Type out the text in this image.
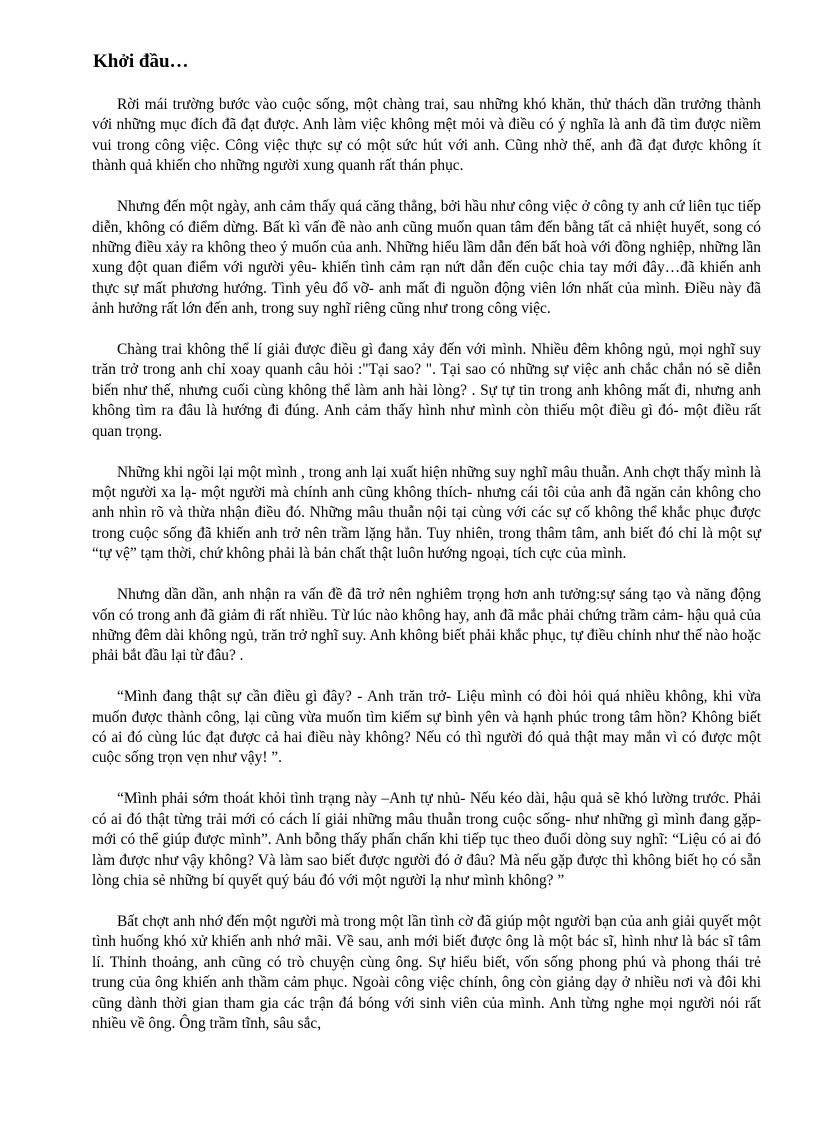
Khởi đầu…

Rời mái trường bước vào cuộc sống, một chàng trai, sau những khó khăn, thử thách dần trưởng thành với những mục đích đã đạt được. Anh làm việc không mệt mỏi và điều có ý nghĩa là anh đã tìm được niềm vui trong công việc. Công việc thực sự có một sức hút với anh. Cũng nhờ thế, anh đã đạt được không ít thành quả khiến cho những người xung quanh rất thán phục.

Nhưng đến một ngày, anh cảm thấy quá căng thẳng, bởi hầu như công việc ở công ty anh cứ liên tục tiếp diễn, không có điểm dừng. Bất kì vấn đề nào anh cũng muốn quan tâm đến bằng tất cả nhiệt huyết, song có những điều xảy ra không theo ý muốn của anh. Những hiểu lầm dẫn đến bất hoà với đồng nghiệp, những lần xung đột quan điểm với người yêu- khiến tình cảm rạn nứt dẫn đến cuộc chia tay mới đây…đã khiến anh thực sự mất phương hướng. Tình yêu đổ vỡ- anh mất đi nguồn động viên lớn nhất của mình. Điều này đã ảnh hưởng rất lớn đến anh, trong suy nghĩ riêng cũng như trong công việc.

Chàng trai không thể lí giải được điều gì đang xảy đến với mình. Nhiều đêm không ngủ, mọi nghĩ suy trăn trở trong anh chỉ xoay quanh câu hỏi :"Tại sao? ". Tại sao có những sự việc anh chắc chắn nó sẽ diễn biến như thế, nhưng cuối cùng không thể làm anh hài lòng? . Sự tự tin trong anh không mất đi, nhưng anh không tìm ra đâu là hướng đi đúng. Anh cảm thấy hình như mình còn thiếu một điều gì đó- một điều rất quan trọng.

Những khi ngồi lại một mình , trong anh lại xuất hiện những suy nghĩ mâu thuẫn. Anh chợt thấy mình là một người xa lạ- một người mà chính anh cũng không thích- nhưng cái tôi của anh đã ngăn cản không cho anh nhìn rõ và thừa nhận điều đó. Những mâu thuẫn nội tại cùng với các sự cố không thể khắc phục được trong cuộc sống đã khiến anh trở nên trầm lặng hẳn. Tuy nhiên, trong thâm tâm, anh biết đó chỉ là một sự “tự vệ” tạm thời, chứ không phải là bản chất thật luôn hướng ngoại, tích cực của mình.

Nhưng dần dần, anh nhận ra vấn đề đã trở nên nghiêm trọng hơn anh tưởng:sự sáng tạo và năng động vốn có trong anh đã giảm đi rất nhiều. Từ lúc nào không hay, anh đã mắc phải chứng trầm cảm- hậu quả của những đêm dài không ngủ, trăn trở nghĩ suy. Anh không biết phải khắc phục, tự điều chỉnh như thế nào hoặc phải bắt đầu lại từ đâu? .

“Mình đang thật sự cần điều gì đây? - Anh trăn trở- Liệu mình có đòi hỏi quá nhiều không, khi vừa muốn được thành công, lại cũng vừa muốn tìm kiếm sự bình yên và hạnh phúc trong tâm hồn? Không biết có ai đó cùng lúc đạt được cả hai điều này không? Nếu có thì người đó quả thật may mắn vì có được một cuộc sống trọn vẹn như vậy! ”.

“Mình phải sớm thoát khỏi tình trạng này –Anh tự nhủ- Nếu kéo dài, hậu quả sẽ khó lường trước. Phải có ai đó thật từng trải mới có cách lí giải những mâu thuẫn trong cuộc sống- như những gì mình đang gặp- mới có thể giúp được mình”. Anh bỗng thấy phấn chấn khi tiếp tục theo đuổi dòng suy nghĩ: “Liệu có ai đó làm được như vậy không? Và làm sao biết được người đó ở đâu? Mà nếu gặp được thì không biết họ có sẵn lòng chia sẻ những bí quyết quý báu đó với một người lạ như mình không? ”

Bất chợt anh nhớ đến một người mà trong một lần tình cờ đã giúp một người bạn của anh giải quyết một tình huống khó xử khiến anh nhớ mãi. Về sau, anh mới biết được ông là một bác sĩ, hình như là bác sĩ tâm lí. Thỉnh thoảng, anh cũng có trò chuyện cùng ông. Sự hiểu biết, vốn sống phong phú và phong thái trẻ trung của ông khiến anh thầm cảm phục. Ngoài công việc chính, ông còn giảng dạy ở nhiều nơi và đôi khi cũng dành thời gian tham gia các trận đá bóng với sinh viên của mình. Anh từng nghe mọi người nói rất nhiều về ông. Ông trầm tĩnh, sâu sắc,
